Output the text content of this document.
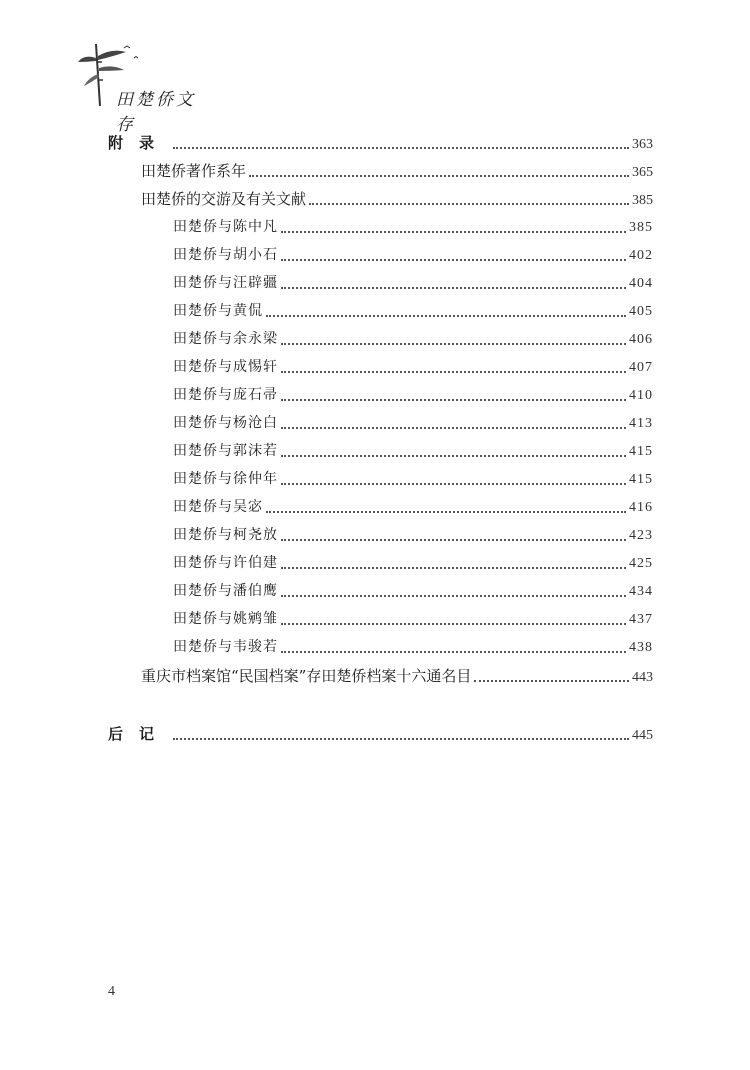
田楚侨文存
附录	363
田楚侨著作系年	365
田楚侨的交游及有关文献	385
田楚侨与陈中凡	385
田楚侨与胡小石	402
田楚侨与汪辟疆	404
田楚侨与黄侃	405
田楚侨与余永梁	406
田楚侨与成惕轩	407
田楚侨与庞石帚	410
田楚侨与杨沧白	413
田楚侨与郭沫若	415
田楚侨与徐仲年	415
田楚侨与吴宓	416
田楚侨与柯尧放	423
田楚侨与许伯建	425
田楚侨与潘伯鹰	434
田楚侨与姚鹓雏	437
田楚侨与韦骏若	438
重庆市档案馆“民国档案”存田楚侨档案十六通名目	443
后记	445
4
